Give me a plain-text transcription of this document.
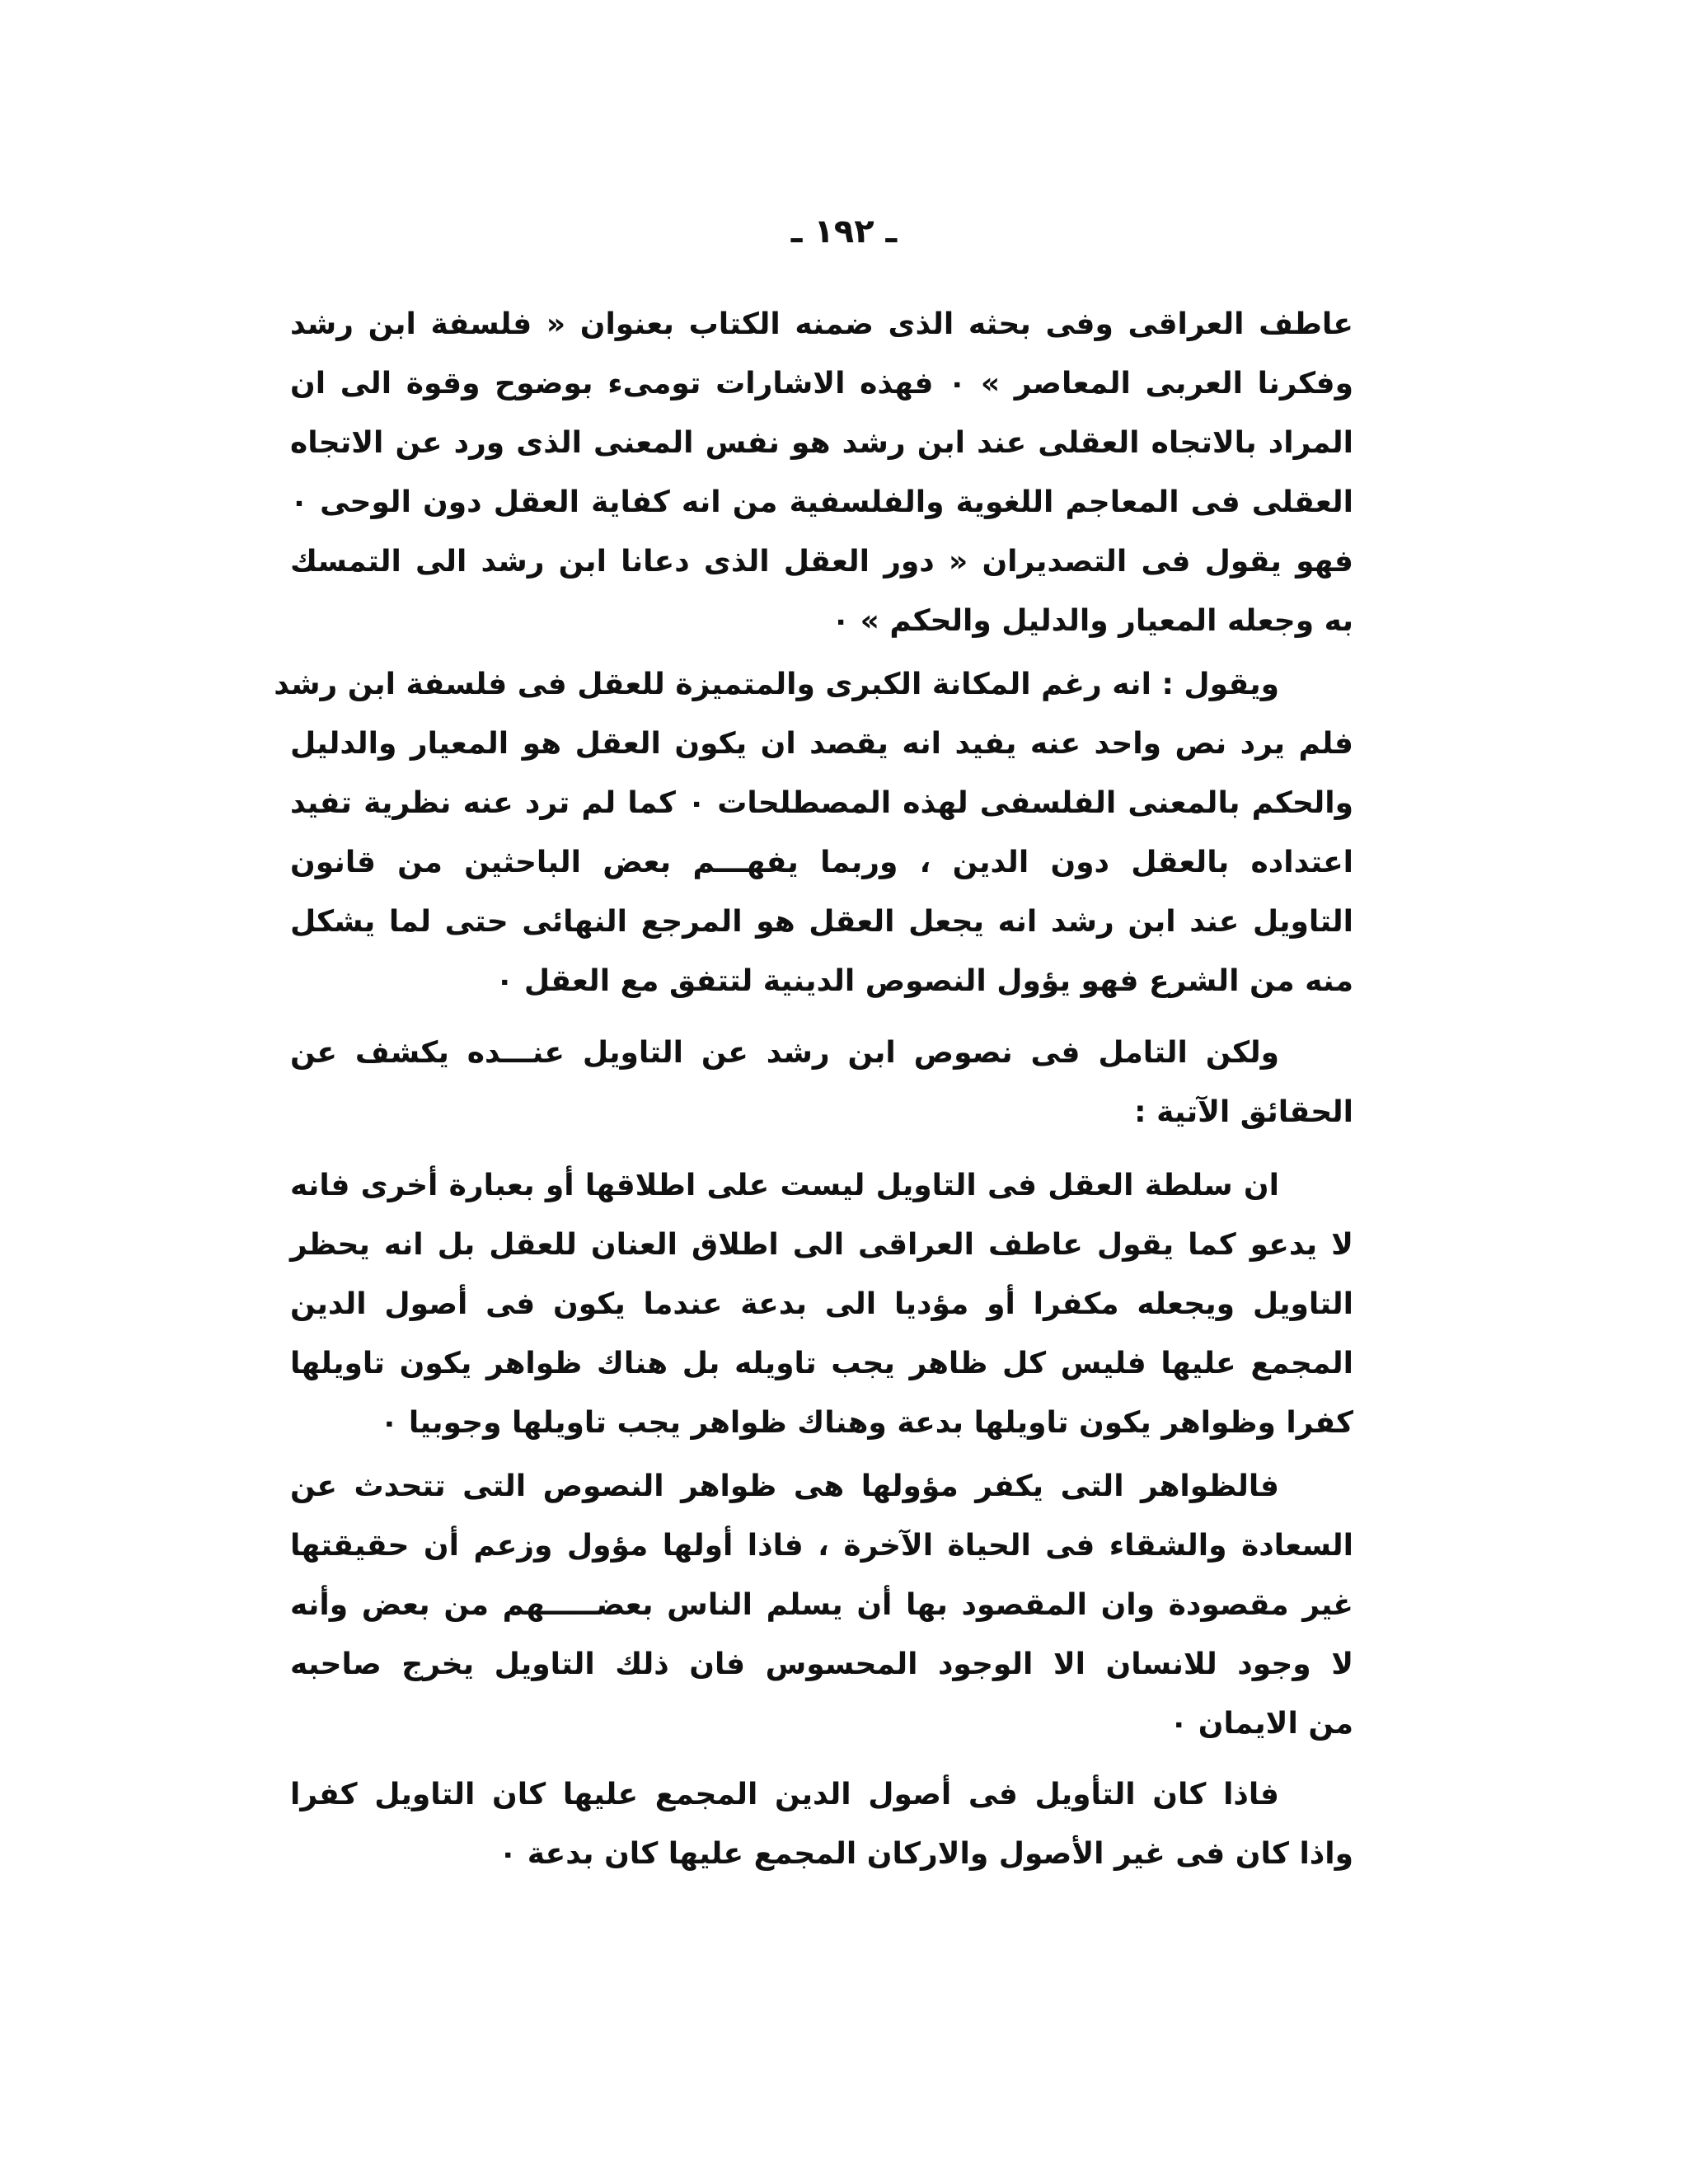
ـ ١٩٢ ـ
عاطف العراقى وفى بحثه الذى ضمنه الكتاب بعنوان « فلسفة ابن رشد
وفكرنا العربى المعاصر » ٠ فهذه الاشارات تومىء بوضوح وقوة الى ان
المراد بالاتجاه العقلى عند ابن رشد هو نفس المعنى الذى ورد عن الاتجاه
العقلى فى المعاجم اللغوية والفلسفية من انه كفاية العقل دون الوحى ٠
فهو يقول فى التصديران « دور العقل الذى دعانا ابن رشد الى التمسك
به وجعله المعيار والدليل والحكم » ٠
ويقول : انه رغم المكانة الكبرى والمتميزة للعقل فى فلسفة ابن رشد
فلم يرد نص واحد عنه يفيد انه يقصد ان يكون العقل هو المعيار والدليل
والحكم بالمعنى الفلسفى لهذه المصطلحات ٠ كما لم ترد عنه نظرية تفيد
اعتداده بالعقل دون الدين ، وربما يفهـــم بعض الباحثين من قانون
التاويل عند ابن رشد انه يجعل العقل هو المرجع النهائى حتى لما يشكل
منه من الشرع فهو يؤول النصوص الدينية لتتفق مع العقل ٠
ولكن التامل فى نصوص ابن رشد عن التاويل عنـــده يكشف عن
الحقائق الآتية :
ان سلطة العقل فى التاويل ليست على اطلاقها أو بعبارة أخرى فانه
لا يدعو كما يقول عاطف العراقى الى اطلاق العنان للعقل بل انه يحظر
التاويل ويجعله مكفرا أو مؤديا الى بدعة عندما يكون فى أصول الدين
المجمع عليها فليس كل ظاهر يجب تاويله بل هناك ظواهر يكون تاويلها
كفرا وظواهر يكون تاويلها بدعة وهناك ظواهر يجب تاويلها وجوبيا ٠
فالظواهر التى يكفر مؤولها هى ظواهر النصوص التى تتحدث عن
السعادة والشقاء فى الحياة الآخرة ، فاذا أولها مؤول وزعم أن حقيقتها
غير مقصودة وان المقصود بها أن يسلم الناس بعضـــــهم من بعض وأنه
لا وجود للانسان الا الوجود المحسوس فان ذلك التاويل يخرج صاحبه
من الايمان ٠
فاذا كان التأويل فى أصول الدين المجمع عليها كان التاويل كفرا
واذا كان فى غير الأصول والاركان المجمع عليها كان بدعة ٠
